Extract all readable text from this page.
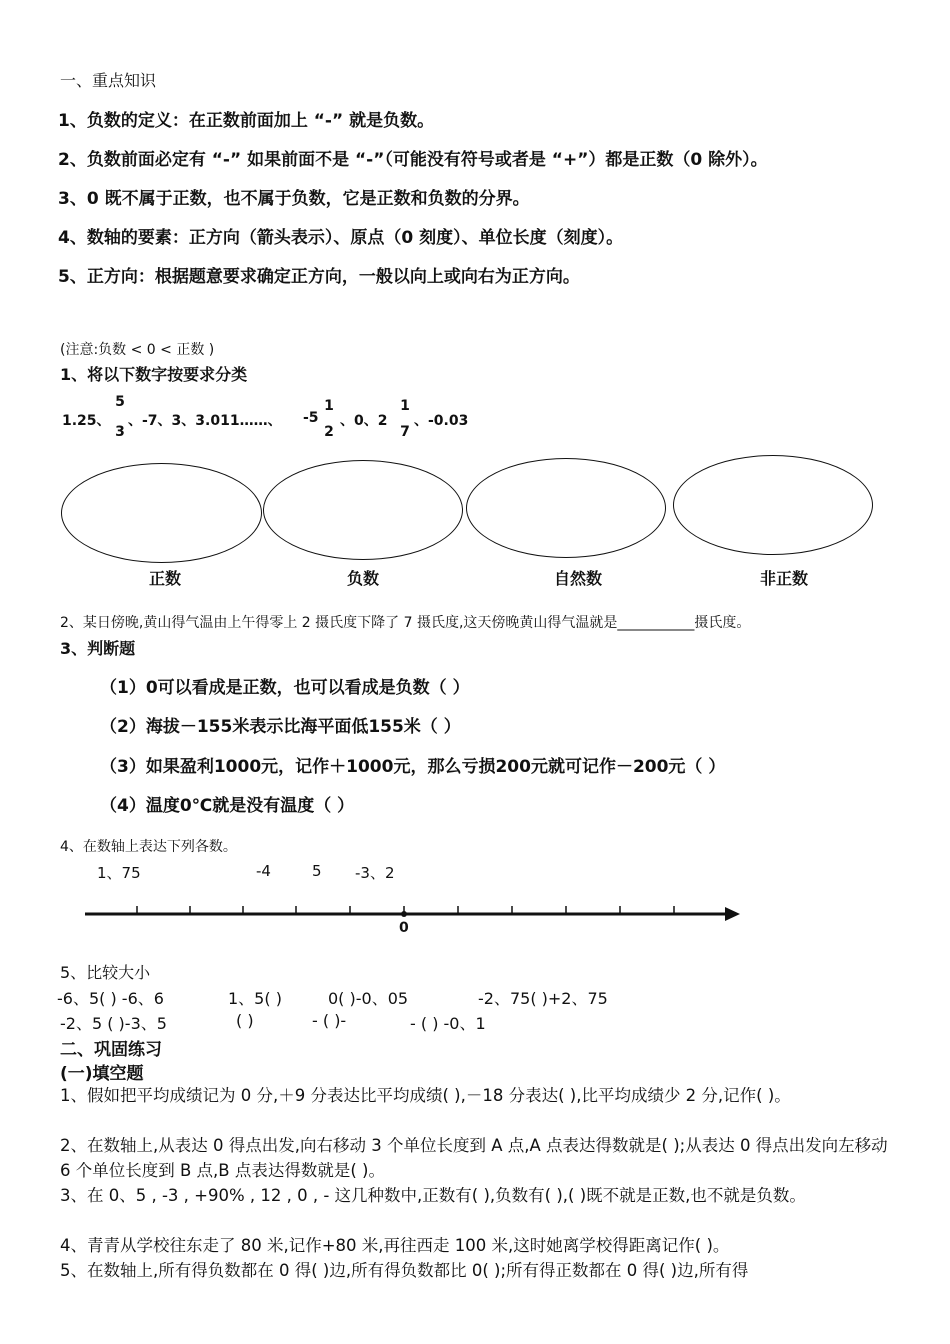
一、重点知识
1、负数的定义：在正数前面加上 “-” 就是负数。
2、负数前面必定有 “-” 如果前面不是 “-”（可能没有符号或者是 “+”）都是正数（0 除外）。
3、0 既不属于正数，也不属于负数，它是正数和负数的分界。
4、数轴的要素：正方向（箭头表示）、原点（0 刻度）、单位长度（刻度）。
5、正方向：根据题意要求确定正方向，一般以向上或向右为正方向。
(注意:负数 < 0 < 正数 )
1、将以下数字按要求分类
1.25、
5
3
、-7、3、3.011……、 -5
1
2
、0、2
1
7
、-0.03
正数	负数	自然数	非正数
2、某日傍晚,黄山得气温由上午得零上 2 摄氏度下降了 7 摄氏度,这天傍晚黄山得气温就是___________摄氏度。
3、判断题
（1）0可以看成是正数，也可以看成是负数（ ）
（2）海拔－155米表示比海平面低155米（ ）
（3）如果盈利1000元，记作＋1000元，那么亏损200元就可记作－200元（ ）
（4）温度0℃就是没有温度（ ）
4、在数轴上表达下列各数。
1、75	-4	5 -3、2
0
5、比较大小
-6、5( ) -6、6	1、5( )	0( )-0、05	-2、75( )+2、75
-2、5 ( )-3、5	( )	- ( )-	- ( ) -0、1
二、巩固练习
(一)填空题
1、假如把平均成绩记为 0 分,＋9 分表达比平均成绩( ),－18 分表达( ),比平均成绩少 2 分,记作( )。
2、在数轴上,从表达 0 得点出发,向右移动 3 个单位长度到 A 点,A 点表达得数就是( );从表达 0 得点出发向左移动 6 个单位长度到 B 点,B 点表达得数就是( )。
3、在 0、5 , -3 , +90% , 12 , 0 , - 这几种数中,正数有( ),负数有( ),( )既不就是正数,也不就是负数。
4、青青从学校往东走了 80 米,记作+80 米,再往西走 100 米,这时她离学校得距离记作( )。
5、在数轴上,所有得负数都在 0 得( )边,所有得负数都比 0( );所有得正数都在 0 得( )边,所有得
